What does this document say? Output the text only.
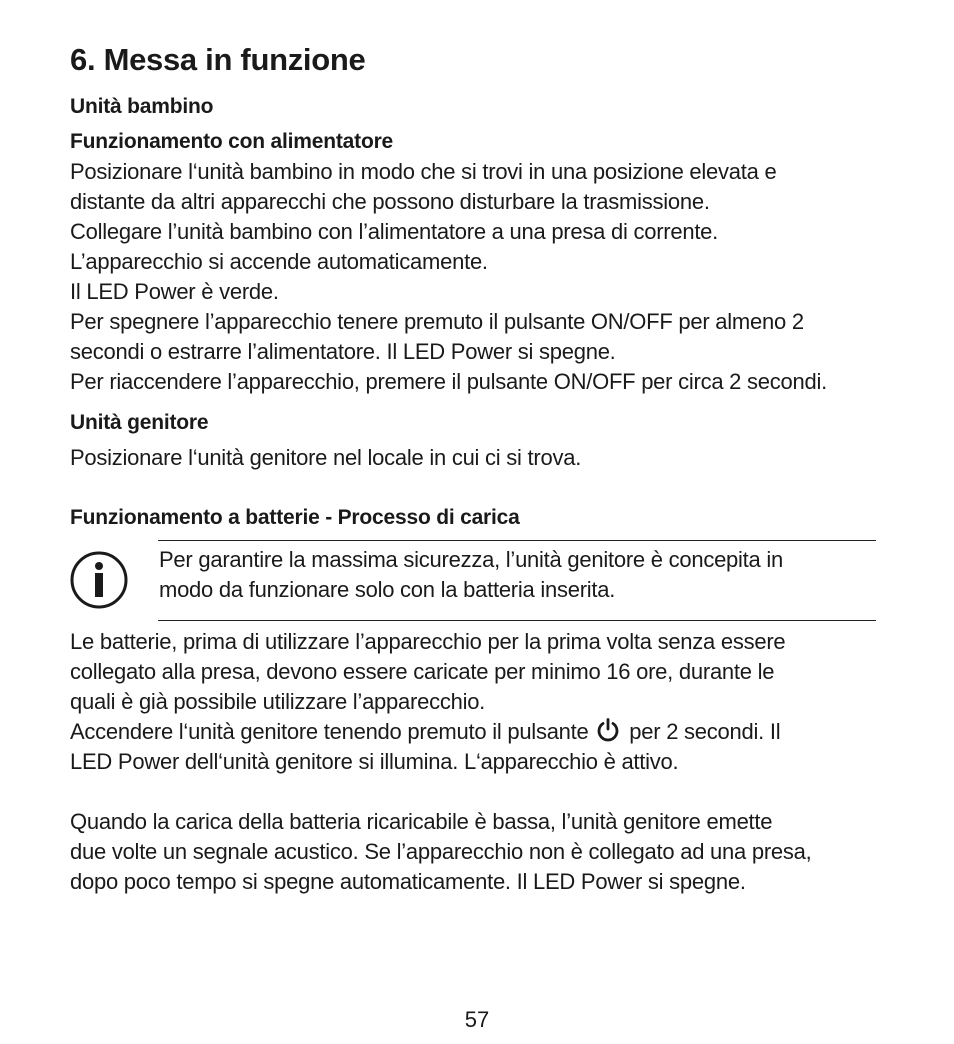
6. Messa in funzione
Unità bambino
Funzionamento con alimentatore
Posizionare l‘unità bambino in modo che si trovi in una posizione elevata e
distante da altri apparecchi che possono disturbare la trasmissione.
Collegare l’unità bambino con l’alimentatore a una presa di corrente.
L’apparecchio si accende automaticamente.
Il LED Power è verde.
Per spegnere l’apparecchio tenere premuto il pulsante ON/OFF per almeno 2
secondi o estrarre l’alimentatore. Il LED Power si spegne.
Per riaccendere l’apparecchio, premere il pulsante ON/OFF per circa 2 secondi.
Unità genitore

Posizionare l‘unità genitore nel locale in cui ci si trova.

Funzionamento a batterie - Processo di carica
Per garantire la massima sicurezza, l’unità genitore è concepita in
modo da funzionare solo con la batteria inserita.
Le batterie, prima di utilizzare l’apparecchio per la prima volta senza essere
collegato alla presa, devono essere caricate per minimo 16 ore, durante le
quali è già possibile utilizzare l’apparecchio.
Accendere l‘unità genitore tenendo premuto il pulsante per 2 secondi. Il
LED Power dell‘unità genitore si illumina. L‘apparecchio è attivo.
Quando la carica della batteria ricaricabile è bassa, l’unità genitore emette
due volte un segnale acustico. Se l’apparecchio non è collegato ad una presa,
dopo poco tempo si spegne automaticamente. Il LED Power si spegne.
57
